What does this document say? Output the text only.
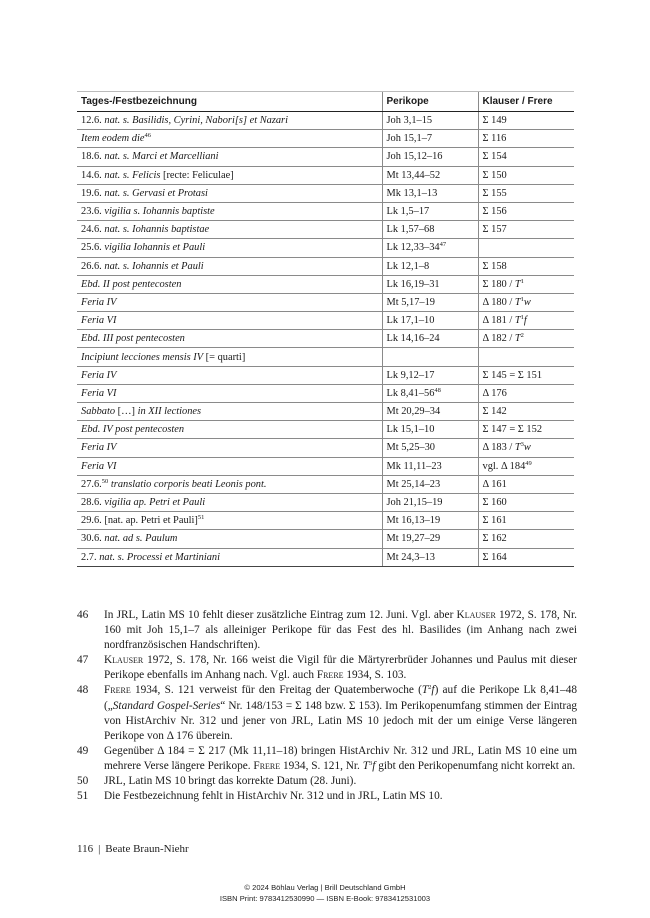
Tages-/Festbezeichnung	Perikope	Klauser / Frere
12.6. nat. s. Basilidis, Cyrini, Nabori[s] et Nazari	Joh 3,1–15	Σ 149
Item eodem die$^{46}$	Joh 15,1–7	Σ 116
18.6. nat. s. Marci et Marcelliani	Joh 15,12–16	Σ 154
14.6. nat. s. Felicis [recte: Feliculae]	Mt 13,44–52	Σ 150
19.6. nat. s. Gervasi et Protasi	Mk 13,1–13	Σ 155
23.6. vigilia s. Iohannis baptiste	Lk 1,5–17	Σ 156
24.6. nat. s. Iohannis baptistae	Lk 1,57–68	Σ 157
25.6. vigilia Iohannis et Pauli	Lk $12,33-34^{47}$	
26.6. nat. s. Iohannis et Pauli	Lk 12,1–8	Σ 158
Ebd. II post pentecosten	Lk 16,19–31	Σ $180 / T^1$
Feria IV	Mt 5,17–19	Δ $180 / T^1w$
Feria VI	Lk 17,1–10	Δ $181 / T^1f$
Ebd. III post pentecosten	Lk 14,16–24	Δ $182 / T^2$
Incipiunt lecciones mensis IV [= quarti]		
Feria IV	Lk 9,12–17	Σ 145 = Σ 151
Feria VI	Lk $8,41-56^{48}$	Δ 176
Sabbato […] in XII lectiones	Mt 20,29–34	Σ 142
Ebd. IV post pentecosten	Lk 15,1–10	Σ 147 = Σ 152
Feria IV	Mt 5,25–30	Δ $183 / T^3w$
Feria VI	Mk 11,11–23	vgl. Δ $184^{49}$
27.6.50 translatio corporis beati Leonis pont.	Mt 25,14–23	Δ 161
28.6. vigilia ap. Petri et Pauli	Joh 21,15–19	Σ 160
29.6. [nat. ap. Petri et Pauli]$^{51}$	Mt 16,13–19	Σ 161
30.6. nat. ad s. Paulum	Mt 19,27–29	Σ 162
2.7. nat. s. Processi et Martiniani	Mt 24,3–13	Σ 164
46	In JRL, Latin MS 10 fehlt dieser zusätzliche Eintrag zum 12. Juni. Vgl. aber Klauser 1972, S. 178, Nr. 160 mit Joh 15,1–7 als alleiniger Perikope für das Fest des hl. Basilides (im Anhang nach zwei nordfranzösischen Handschriften).
47	Klauser 1972, S. 178, Nr. 166 weist die Vigil für die Märtyrerbrüder Johannes und Paulus mit dieser Perikope ebenfalls im Anhang nach. Vgl. auch Frere 1934, S. 103.
48	Frere 1934, S. 121 verweist für den Freitag der Quatemberwoche $(T^2f)$ auf die Perikope Lk 8,41–48 („Standard Gospel-Series“ Nr. 148/153 = Σ 148 bzw. Σ 153). Im Perikopenumfang stimmen der Eintrag von HistArchiv Nr. 312 und jener von JRL, Latin MS 10 jedoch mit der um einige Verse längeren Perikope von Δ 176 überein.
49	Gegenüber Δ 184 = Σ 217 (Mk 11,11–18) bringen HistArchiv Nr. 312 und JRL, Latin MS 10 eine um mehrere Verse längere Perikope. Frere 1934, S. 121, Nr. $T^3f$ gibt den Perikopenumfang nicht korrekt an.
50	JRL, Latin MS 10 bringt das korrekte Datum (28. Juni).
51	Die Festbezeichnung fehlt in HistArchiv Nr. 312 und in JRL, Latin MS 10.
116 | Beate Braun-Niehr
© 2024 Böhlau Verlag | Brill Deutschland GmbH
ISBN Print: 9783412530990 — ISBN E-Book: 9783412531003
